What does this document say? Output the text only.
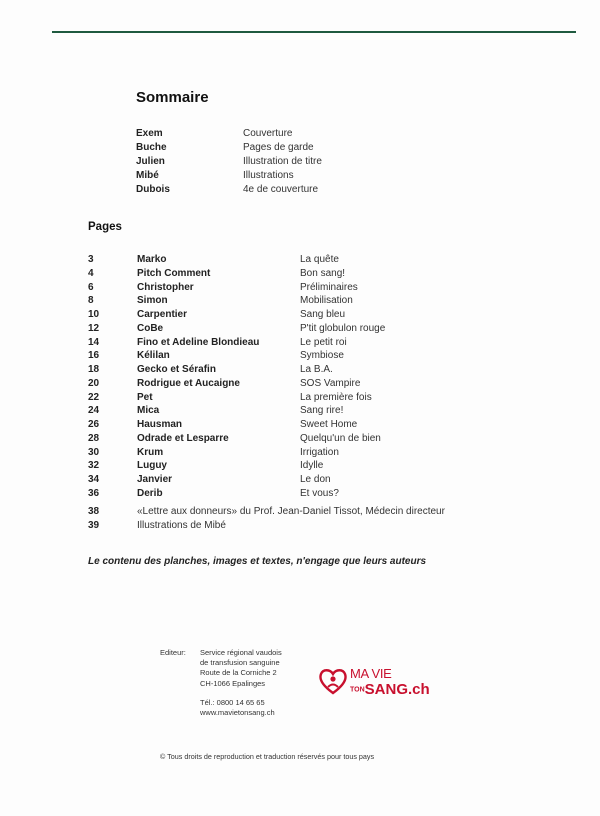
Sommaire
Exem	Couverture
Buche	Pages de garde
Julien	Illustration de titre
Mibé	Illustrations
Dubois	4e de couverture
Pages
3	Marko	La quête
4	Pitch Comment	Bon sang!
6	Christopher	Préliminaires
8	Simon	Mobilisation
10	Carpentier	Sang bleu
12	CoBe	P'tit globulon rouge
14	Fino et Adeline Blondieau	Le petit roi
16	Kélilan	Symbiose
18	Gecko et Sérafin	La B.A.
20	Rodrigue et Aucaigne	SOS Vampire
22	Pet	La première fois
24	Mica	Sang rire!
26	Hausman	Sweet Home
28	Odrade et Lesparre	Quelqu'un de bien
30	Krum	Irrigation
32	Luguy	Idylle
34	Janvier	Le don
36	Derib	Et vous?
38	«Lettre aux donneurs» du Prof. Jean-Daniel Tissot, Médecin directeur
39	Illustrations de Mibé
Le contenu des planches, images et textes, n'engage que leurs auteurs
Editeur: Service régional vaudois
de transfusion sanguine
Route de la Corniche 2
CH-1066 Epalinges
Tél.: 0800 14 65 65
www.mavietonsang.ch
MA VIE
TONSANG.ch
© Tous droits de reproduction et traduction réservés pour tous pays
